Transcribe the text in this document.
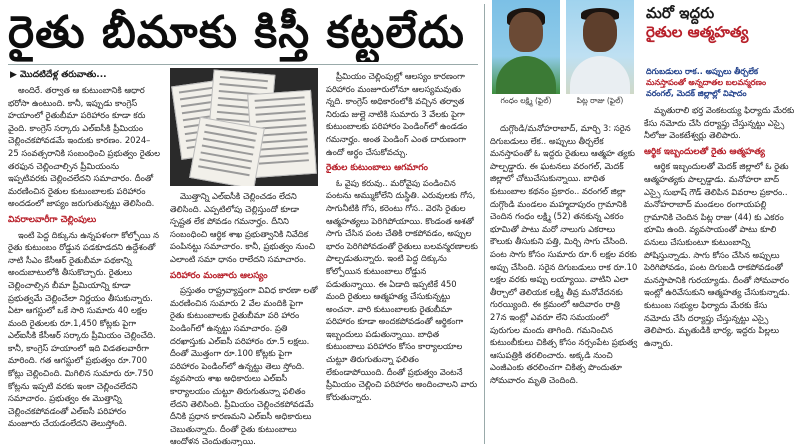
రైతు బీమాకు కిస్తీ కట్టలేదు
▶ మొదటిదేళ్ల తరువాతు...

అందిరే. తర్వాత ఆ కుటుంబానికి ఆధార భరోసా ఉంటుంది. కానీ, ఇప్పుడు కాంగ్రెస్ హయాంలో రైతుబీమా పరిహారం కూడా కరు వైంది. కాంగ్రెస్ సర్కారు ఎల్ఐసీకి ప్రీమియం చెల్లించకపోవడమే ఇందుకు కారణం. 2024–25 సంవత్సరానికి సంబంధించి ప్రభుత్వం రైతుల తరఫున చెల్లించాల్సిన ప్రీమియంను ఇప్పటివరకు చెల్లించలేదని సమాచారం. దీంతో మరణించిన రైతుల కుటుంబాలకు పరిహారం అందడంలో జాప్యం జరుగుతున్నట్టు తెలిసింది.

వివరాలవారీగా చెల్లింపులు

ఇంటి పెద్ద దిక్కును ఉన్నపళంగా కోల్పోయి న రైతు కుటుంబం రోడ్డున పడకూడదని ఉద్దేశంతో నాటి సీఎం కేసీఆర్ రైతుబీమా పథకాన్ని అందుబాటులోకి తీసుకొచ్చారు. రైతులు చెల్లించాల్సిన బీమా ప్రీమియాన్ని కూడా ప్రభుత్వమే చెల్లించేలా నిర్ణయం తీసుకున్నారు. ఏటా ఆగస్టులో ఒకే సారి సుమారు 40 లక్షల మంది రైతులకు రూ.1,450 కోట్లకు పైగా ఎల్ఐసీకి కేసీఆర్ సర్కారు ప్రీమియం చెల్లించేది. కానీ, కాంగ్రెస్ హయాంలో ఇది విడతలవారీగా మారింది. గత ఆగస్టులో ప్రభుత్వం రూ.700 కోట్లు చెల్లించింది. మిగిలిన సుమారు రూ.750 కోట్లను ఇప్పటి వరకు ఇంకా చెల్లించలేదని సమాచారం. ప్రభుత్వం ఈ మొత్తాన్ని చెల్లించకపోవడంతో ఎల్ఐసీ పరిహారం మంజూరు చేయడంలేదని తెలుస్తోంది.

మొత్తాన్ని ఎల్ఐసీకి చెల్లించడం లేదని తెలిసింది. ఎప్పటిలోపు చెల్లిస్తుందో కూడా స్పష్టత లేక పోవడం గమనార్హం. దీనిని సంబంధించి ఆర్థిక శాఖ ప్రభుత్వానికి నివేదిక పంపినట్టు సమాచారం. కానీ, ప్రభుత్వం నుంచి ఎలాంటి సమా ధానం రాలేదని సమాచారం.

పరిహారం మంజూరు ఆలస్యం

ప్రస్తుతం రాష్ట్రవ్యాప్తంగా వివిధ కారణా లతో మరణించిన సుమారు 2 వేల మందికి పైగా రైతు కుటుంబాలకు రైతుబీమా పరి హారం పెండింగ్‌లో ఉన్నట్టు సమాచారం. ప్రతి దరఖాస్తుకు ఎల్ఐసీ పరిహారం రూ.5 లక్షలు. దీంతో మొత్తంగా రూ.100 కోట్లకు పైగా పరిహారం పెండింగ్‌లో ఉన్నట్టు తెలు స్తోంది. వ్యవసాయ శాఖ అధికారులు ఎల్ఐసీ కార్యాలయం చుట్టూ తిరుగుతున్నా ఫలితం లేదని తెలిసింది. ప్రీమియం చెల్లించకపోవడమే దీనికి ప్రధాన కారణమని ఎల్ఐసీ అధికారులు చెబుతున్నారు. దీంతో రైతు కుటుంబాలు ఆందోళన చెందుతున్నాయి.

ప్రీమియం చెల్లింపుల్లో ఆలస్యం కారణంగా పరిహారం మంజూరులోనూ ఆలస్యమవుతు న్నది. కాంగ్రెస్ అధికారంలోకి వచ్చిన తర్వాత నిరుడు జుల్లై నాటికి సుమారు 3 వేలకు పైగా కుటుంబాలకు పరిహారం పెండింగ్‌లో ఉండడం గమనార్హం. అంత పెండింగ్ ఎంత దారుణంగా ఉందో అర్థం చేసుకోవచ్చు.

రైతుల కుటుంబాలు ఆగమాగం

ఓ వైపు కరువు.. మరోవైపు పండించిన పంటను అమ్ముకోలేని దుస్థితి. ఎరువులకు గోస, సాగునీటికి గోస, కరెంటు గోస.. వెరసి రైతుల ఆత్మహత్యలు పెరిగిపోయాయి. కొండంత ఆశతో సాగు చేసిన పంట చేతికి రాకపోవడం, అప్పుల భారం పెరిగిపోవడంతో రైతులు బలవన్మరణాలకు పాల్పడుతున్నారు. ఇంటి పెద్ద దిక్కును కోల్పోయిన కుటుంబాలు రోడ్డున పడుతున్నాయి. ఈ ఏడాది ఇప్పటికే 450 మంది రైతులు ఆత్మహత్య చేసుకున్నట్టు అంచనా. వారి కుటుంబాలకు రైతుబీమా పరిహారం కూడా అందకపోవడంతో ఆర్థికంగా ఇబ్బందులు పడుతున్నాయి. బాధిత కుటుంబాలు పరిహారం కోసం కార్యాలయాల చుట్టూ తిరుగుతున్నా ఫలితం లేకుండాపోయింది. దీంతో ప్రభుత్వం వెంటనే ప్రీమియం చెల్లించి పరిహారం అందించాలని వారు కోరుతున్నారు.

గంధం లక్ష్మి (ఫైల్)	పిట్ల రాజు (ఫైల్)
మరో ఇద్దరు
రైతుల ఆత్మహత్య
దిగుబడులు రాక.. అప్పులు తీర్చలేక
మనస్తాపంతో అన్నదాతల బలవన్మరణం
వరంగల్, మెదక్ జిల్లాల్లో విషాదం

దుగ్గొండి/మనోహరాబాద్, మార్చి 3: సరైన దిగుబడులు లేక.. అప్పులు తీర్చలేక మనస్తాపంతో ఓ ఇద్దరు రైతులు ఆత్మహ త్యకు పాల్పడ్డారు. ఈ ఘటనలు వరంగల్, మెదక్ జిల్లాలో చోటుచేసుకున్నాయి. బాధిత కుటుంబాల కథనం ప్రకారం.. వరంగల్ జిల్లా దుగ్గొండి మండలం మహ్మదాపురం గ్రామానికి చెందిన గంధం లక్ష్మి (52) తనకున్న ఎకరం భూమితో పాటు మరో నాలుగు ఎకరాలు కౌలుకు తీసుకుని పత్తి, మిర్చి సాగు చేసింది. పంట సాగు కోసం సుమారు రూ.6 లక్షల వరకు అప్పు చేసింది. సరైన దిగుబడులు రాక రూ.10 లక్షల వరకు అప్పు లయ్యాయి. వాటిని ఎలా తీర్చాలో తెలియక లక్ష్మి తీవ్ర మనోవేదనకు గురయ్యింది. ఈ క్రమంలో ఆదివారం రాత్రి 27న ఇంట్లో ఎవరూ లేని సమయంలో పురుగుల మందు తాగింది. గమనించిన కుటుంబీకులు చికిత్స కోసం నర్సంపేట ప్రభుత్వ ఆసుపత్రికి తరలించారు. అక్కడి నుంచి ఎంజీఎంకు తరలించగా చికిత్స పొందుతూ సోమవారం మృతి చెందింది.

మృతురాలి భర్త వెంకటయ్య ఫిర్యాదు మేరకు కేసు నమోదు చేసి దర్యాప్తు చేస్తున్నట్టు ఎస్సై నీలోజు వెంకటేశ్వర్లు తెలిపారు.

ఆర్థిక ఇబ్బందులతో రైతు ఆత్మహత్య

ఆర్థిక ఇబ్బందులతో మెదక్ జిల్లాలో ఓ రైతు ఆత్మహత్యకు పాల్పడ్డాడు. మనోహరా బాద్ ఎస్సై సుభాష్ గౌడ్ తెలిపిన వివరాల ప్రకారం.. మనోహరాబాద్ మండలం రంగాయపల్లి గ్రామానికి చెందిన పిట్ల రాజు (44) కు ఎకరం భూమి ఉంది. వ్యవసాయంతో పాటు కూలి పనులు చేసుకుంటూ కుటుంబాన్ని పోషిస్తున్నాడు. సాగు కోసం చేసిన అప్పులు పెరిగిపోవడం, పంట దిగుబడి రాకపోవడంతో మనస్తాపానికి గురయ్యాడు. దీంతో సోమవారం ఇంట్లో ఉరివేసుకుని ఆత్మహత్య చేసుకున్నాడు. కుటుంబ సభ్యుల ఫిర్యాదు మేరకు కేసు నమోదు చేసి దర్యాప్తు చేస్తున్నట్టు ఎస్సై తెలిపారు. మృతుడికి భార్య, ఇద్దరు పిల్లలు ఉన్నారు.
